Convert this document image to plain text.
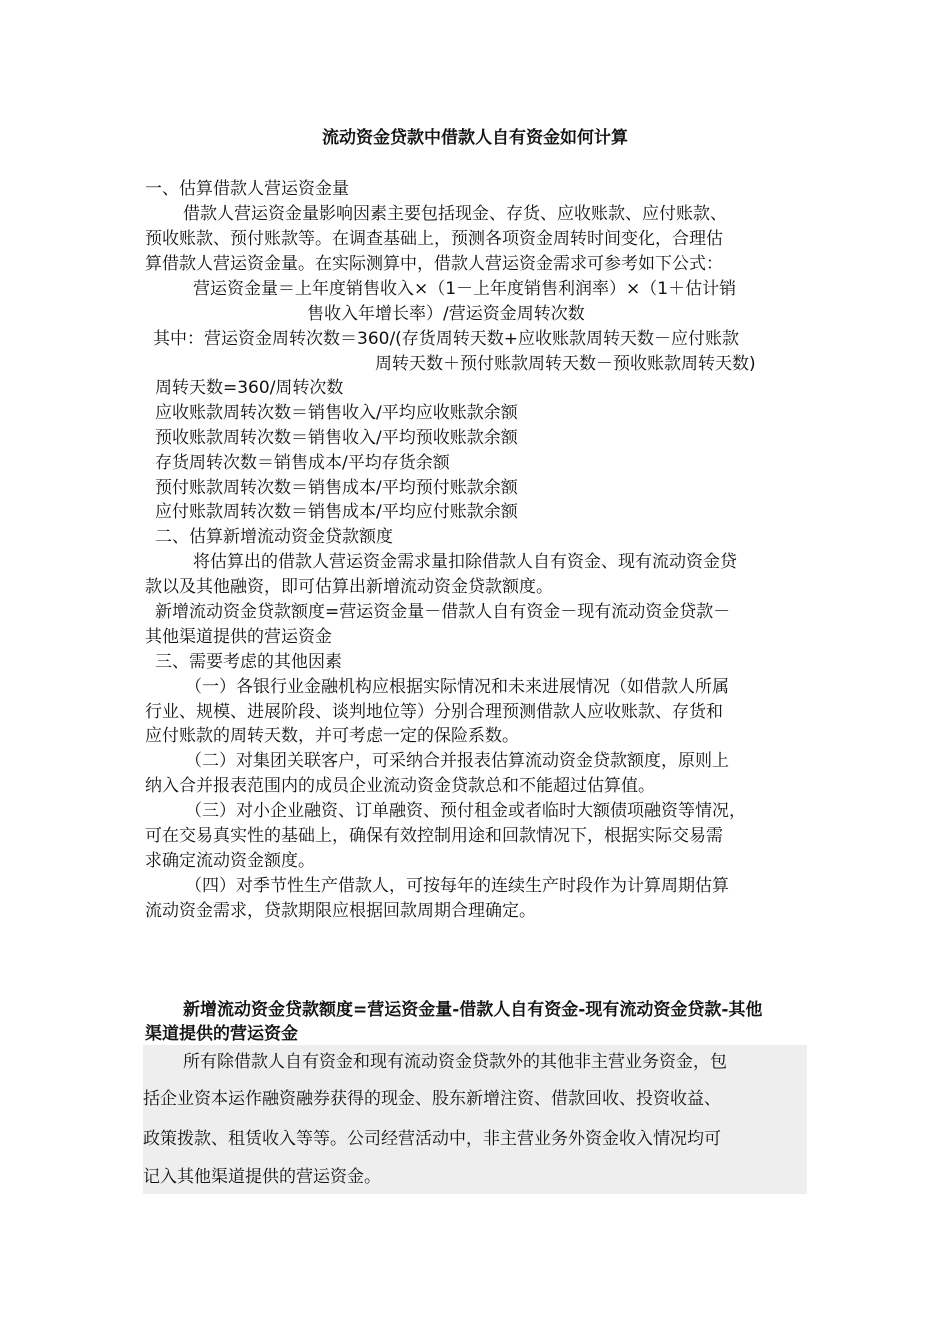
流动资金贷款中借款人自有资金如何计算
一、估算借款人营运资金量
借款人营运资金量影响因素主要包括现金、存货、应收账款、应付账款、
预收账款、预付账款等。在调查基础上，预测各项资金周转时间变化，合理估
算借款人营运资金量。在实际测算中，借款人营运资金需求可参考如下公式：
营运资金量＝上年度销售收入×（1－上年度销售利润率）×（1＋估计销
售收入年增长率）/营运资金周转次数
其中：营运资金周转次数＝360/(存货周转天数+应收账款周转天数－应付账款
周转天数＋预付账款周转天数－预收账款周转天数)
周转天数=360/周转次数
应收账款周转次数＝销售收入/平均应收账款余额
预收账款周转次数＝销售收入/平均预收账款余额
存货周转次数＝销售成本/平均存货余额
预付账款周转次数＝销售成本/平均预付账款余额
应付账款周转次数＝销售成本/平均应付账款余额
二、估算新增流动资金贷款额度
将估算出的借款人营运资金需求量扣除借款人自有资金、现有流动资金贷
款以及其他融资，即可估算出新增流动资金贷款额度。
新增流动资金贷款额度=营运资金量－借款人自有资金－现有流动资金贷款－
其他渠道提供的营运资金
三、需要考虑的其他因素
（一）各银行业金融机构应根据实际情况和未来进展情况（如借款人所属
行业、规模、进展阶段、谈判地位等）分别合理预测借款人应收账款、存货和
应付账款的周转天数，并可考虑一定的保险系数。
（二）对集团关联客户，可采纳合并报表估算流动资金贷款额度，原则上
纳入合并报表范围内的成员企业流动资金贷款总和不能超过估算值。
（三）对小企业融资、订单融资、预付租金或者临时大额债项融资等情况，
可在交易真实性的基础上，确保有效控制用途和回款情况下，根据实际交易需
求确定流动资金额度。
（四）对季节性生产借款人，可按每年的连续生产时段作为计算周期估算
流动资金需求，贷款期限应根据回款周期合理确定。
新增流动资金贷款额度=营运资金量-借款人自有资金-现有流动资金贷款-其他
渠道提供的营运资金
所有除借款人自有资金和现有流动资金贷款外的其他非主营业务资金，包
括企业资本运作融资融券获得的现金、股东新增注资、借款回收、投资收益、
政策拨款、租赁收入等等。公司经营活动中，非主营业务外资金收入情况均可
记入其他渠道提供的营运资金。
